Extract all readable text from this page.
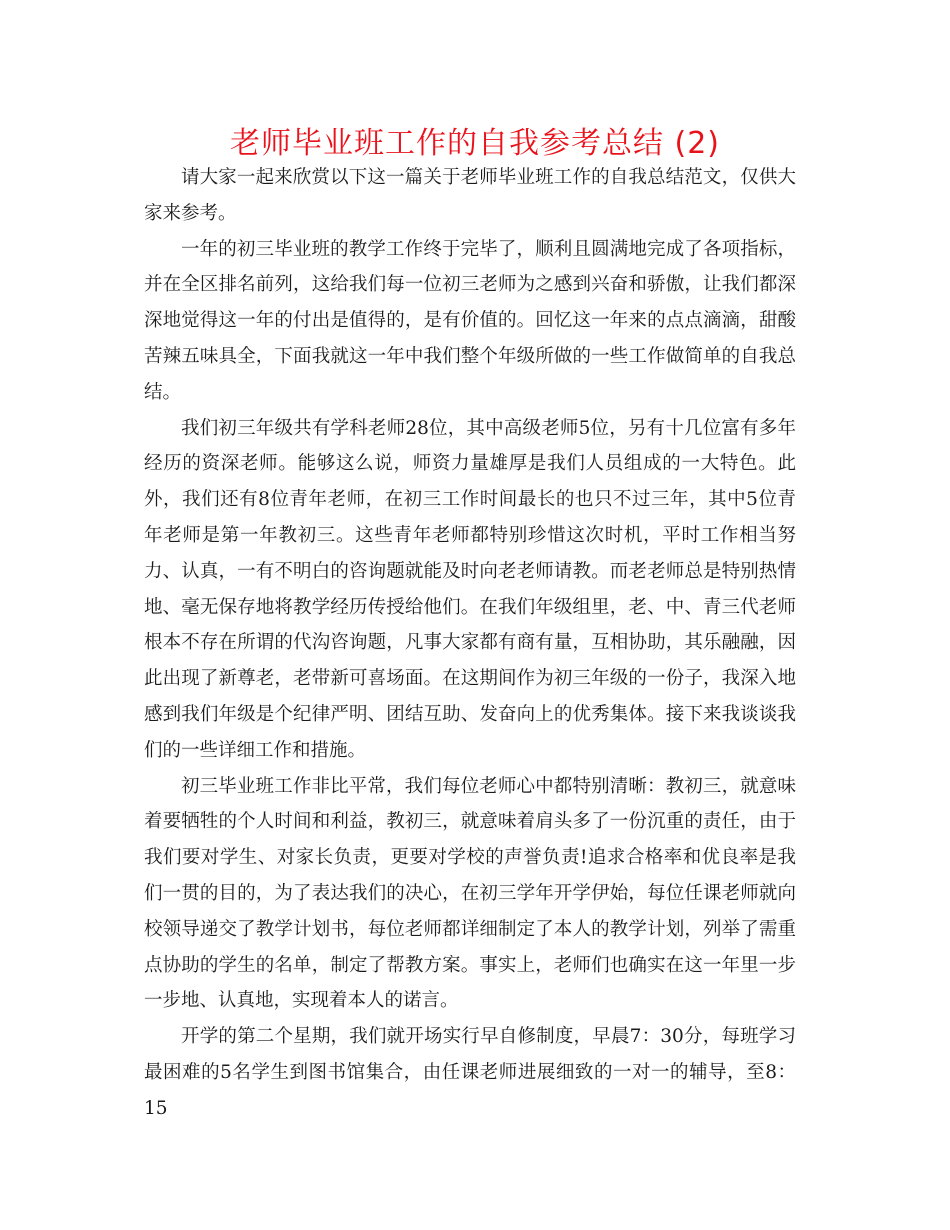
老师毕业班工作的自我参考总结 (2)

请大家一起来欣赏以下这一篇关于老师毕业班工作的自我总结范文，仅供大家来参考。

一年的初三毕业班的教学工作终于完毕了，顺利且圆满地完成了各项指标，并在全区排名前列，这给我们每一位初三老师为之感到兴奋和骄傲，让我们都深深地觉得这一年的付出是值得的，是有价值的。回忆这一年来的点点滴滴，甜酸苦辣五味具全，下面我就这一年中我们整个年级所做的一些工作做简单的自我总结。

我们初三年级共有学科老师28位，其中高级老师5位，另有十几位富有多年经历的资深老师。能够这么说，师资力量雄厚是我们人员组成的一大特色。此外，我们还有8位青年老师，在初三工作时间最长的也只不过三年，其中5位青年老师是第一年教初三。这些青年老师都特别珍惜这次时机，平时工作相当努力、认真，一有不明白的咨询题就能及时向老老师请教。而老老师总是特别热情地、毫无保存地将教学经历传授给他们。在我们年级组里，老、中、青三代老师根本不存在所谓的代沟咨询题，凡事大家都有商有量，互相协助，其乐融融，因此出现了新尊老，老带新可喜场面。在这期间作为初三年级的一份子，我深入地感到我们年级是个纪律严明、团结互助、发奋向上的优秀集体。接下来我谈谈我们的一些详细工作和措施。

初三毕业班工作非比平常，我们每位老师心中都特别清晰：教初三，就意味着要牺牲的个人时间和利益，教初三，就意味着肩头多了一份沉重的责任，由于我们要对学生、对家长负责，更要对学校的声誉负责!追求合格率和优良率是我们一贯的目的，为了表达我们的决心，在初三学年开学伊始，每位任课老师就向校领导递交了教学计划书，每位老师都详细制定了本人的教学计划，列举了需重点协助的学生的名单，制定了帮教方案。事实上，老师们也确实在这一年里一步一步地、认真地，实现着本人的诺言。

开学的第二个星期，我们就开场实行早自修制度，早晨7：30分，每班学习最困难的5名学生到图书馆集合，由任课老师进展细致的一对一的辅导，至8：15
